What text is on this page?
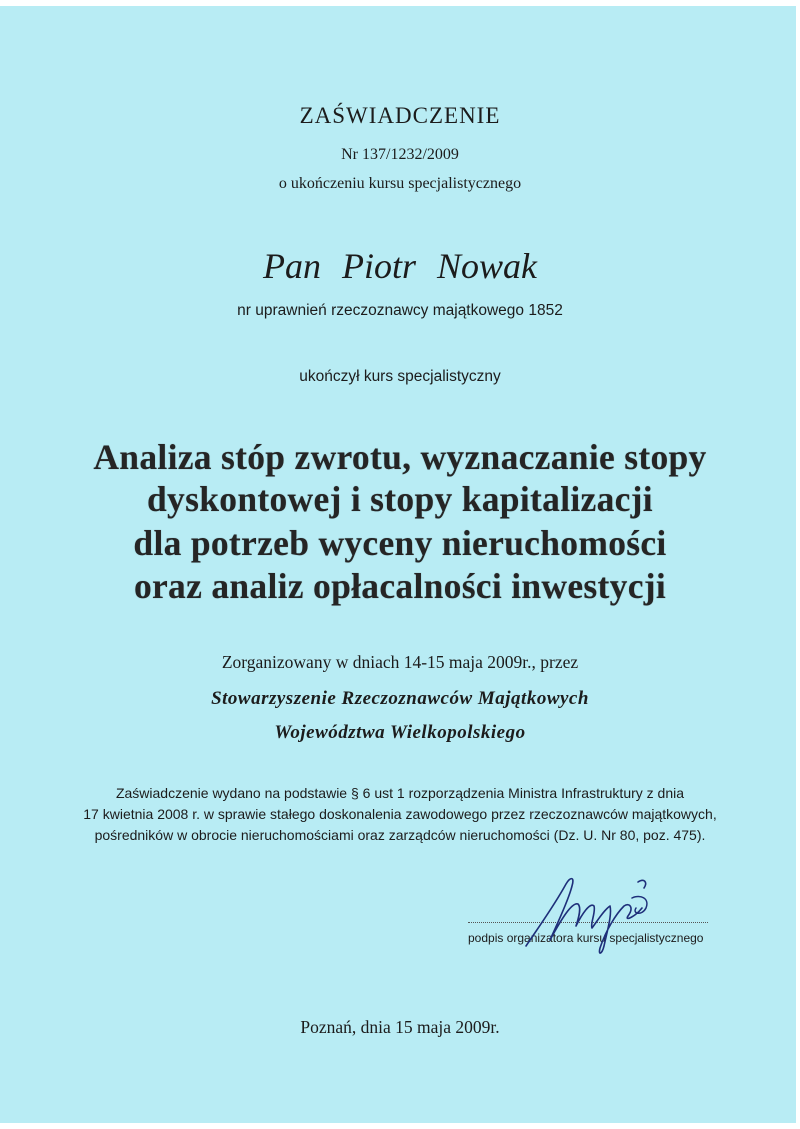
ZAŚWIADCZENIE
Nr 137/1232/2009
o ukończeniu kursu specjalistycznego
Pan Piotr Nowak
nr uprawnień rzeczoznawcy majątkowego 1852
ukończył kurs specjalistyczny
Analiza stóp zwrotu, wyznaczanie stopy
dyskontowej i stopy kapitalizacji
dla potrzeb wyceny nieruchomości
oraz analiz opłacalności inwestycji
Zorganizowany w dniach 14-15 maja 2009r., przez
Stowarzyszenie Rzeczoznawców Majątkowych
Województwa Wielkopolskiego
Zaświadczenie wydano na podstawie § 6 ust 1 rozporządzenia Ministra Infrastruktury z dnia
17 kwietnia 2008 r. w sprawie stałego doskonalenia zawodowego przez rzeczoznawców majątkowych,
pośredników w obrocie nieruchomościami oraz zarządców nieruchomości (Dz. U. Nr 80, poz. 475).
podpis organizatora kursu specjalistycznego
Poznań, dnia 15 maja 2009r.
